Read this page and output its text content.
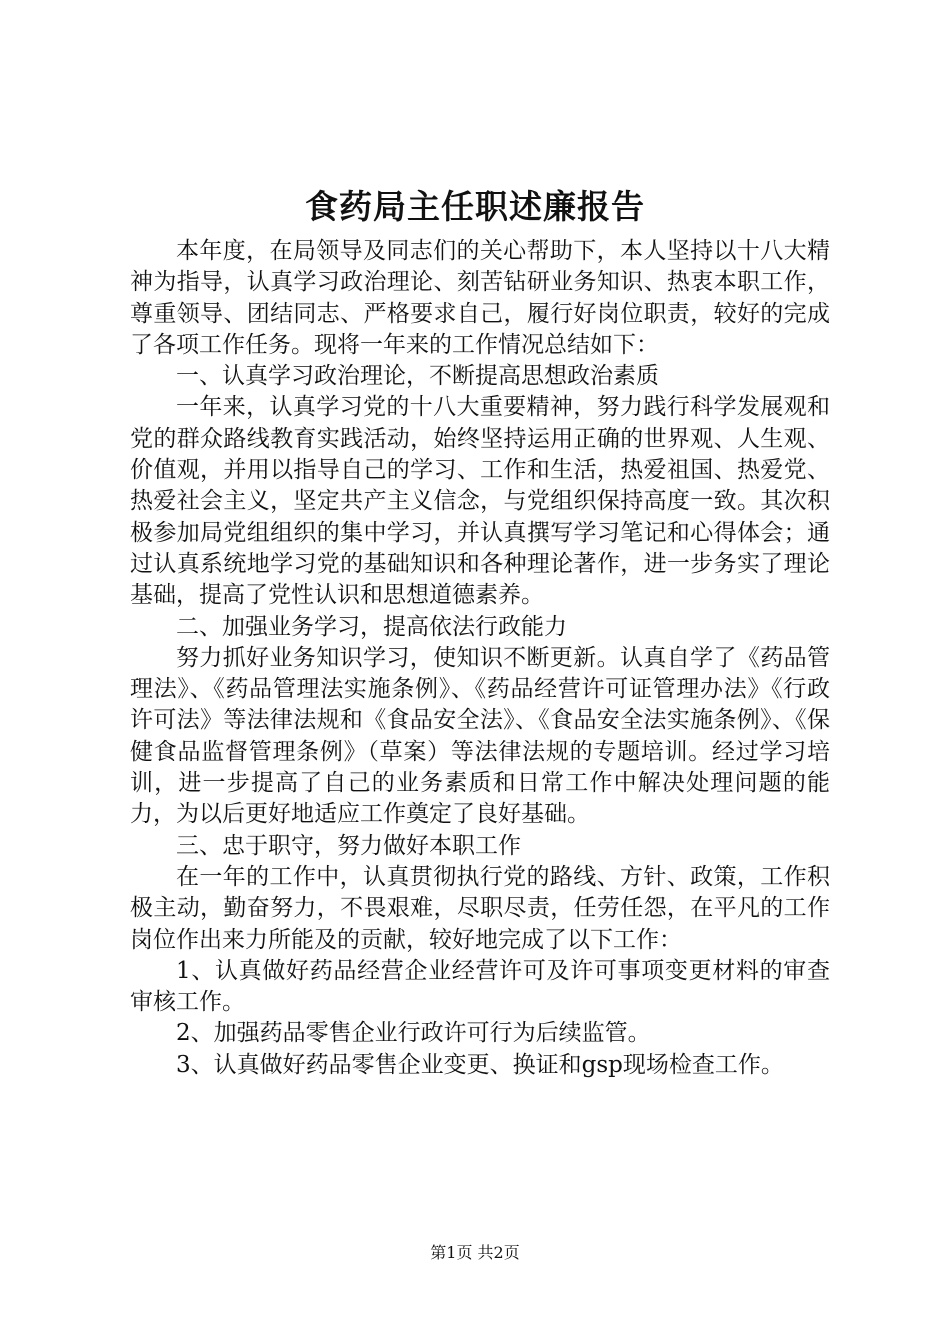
食药局主任职述廉报告

本年度，在局领导及同志们的关心帮助下，本人坚持以十八大精神为指导，认真学习政治理论、刻苦钻研业务知识、热衷本职工作，尊重领导、团结同志、严格要求自己，履行好岗位职责，较好的完成了各项工作任务。现将一年来的工作情况总结如下：

一、认真学习政治理论，不断提高思想政治素质

一年来，认真学习党的十八大重要精神，努力践行科学发展观和党的群众路线教育实践活动，始终坚持运用正确的世界观、人生观、价值观，并用以指导自己的学习、工作和生活，热爱祖国、热爱党、热爱社会主义，坚定共产主义信念，与党组织保持高度一致。其次积极参加局党组组织的集中学习，并认真撰写学习笔记和心得体会；通过认真系统地学习党的基础知识和各种理论著作，进一步务实了理论基础，提高了党性认识和思想道德素养。

二、加强业务学习，提高依法行政能力

努力抓好业务知识学习，使知识不断更新。认真自学了《药品管理法》、《药品管理法实施条例》、《药品经营许可证管理办法》《行政许可法》等法律法规和《食品安全法》、《食品安全法实施条例》、《保健食品监督管理条例》（草案）等法律法规的专题培训。经过学习培训，进一步提高了自己的业务素质和日常工作中解决处理问题的能力，为以后更好地适应工作奠定了良好基础。

三、忠于职守，努力做好本职工作

在一年的工作中，认真贯彻执行党的路线、方针、政策，工作积极主动，勤奋努力，不畏艰难，尽职尽责，任劳任怨，在平凡的工作岗位作出来力所能及的贡献，较好地完成了以下工作：

1、认真做好药品经营企业经营许可及许可事项变更材料的审查审核工作。

2、加强药品零售企业行政许可行为后续监管。

3、认真做好药品零售企业变更、换证和gsp现场检查工作。

第1页 共2页
